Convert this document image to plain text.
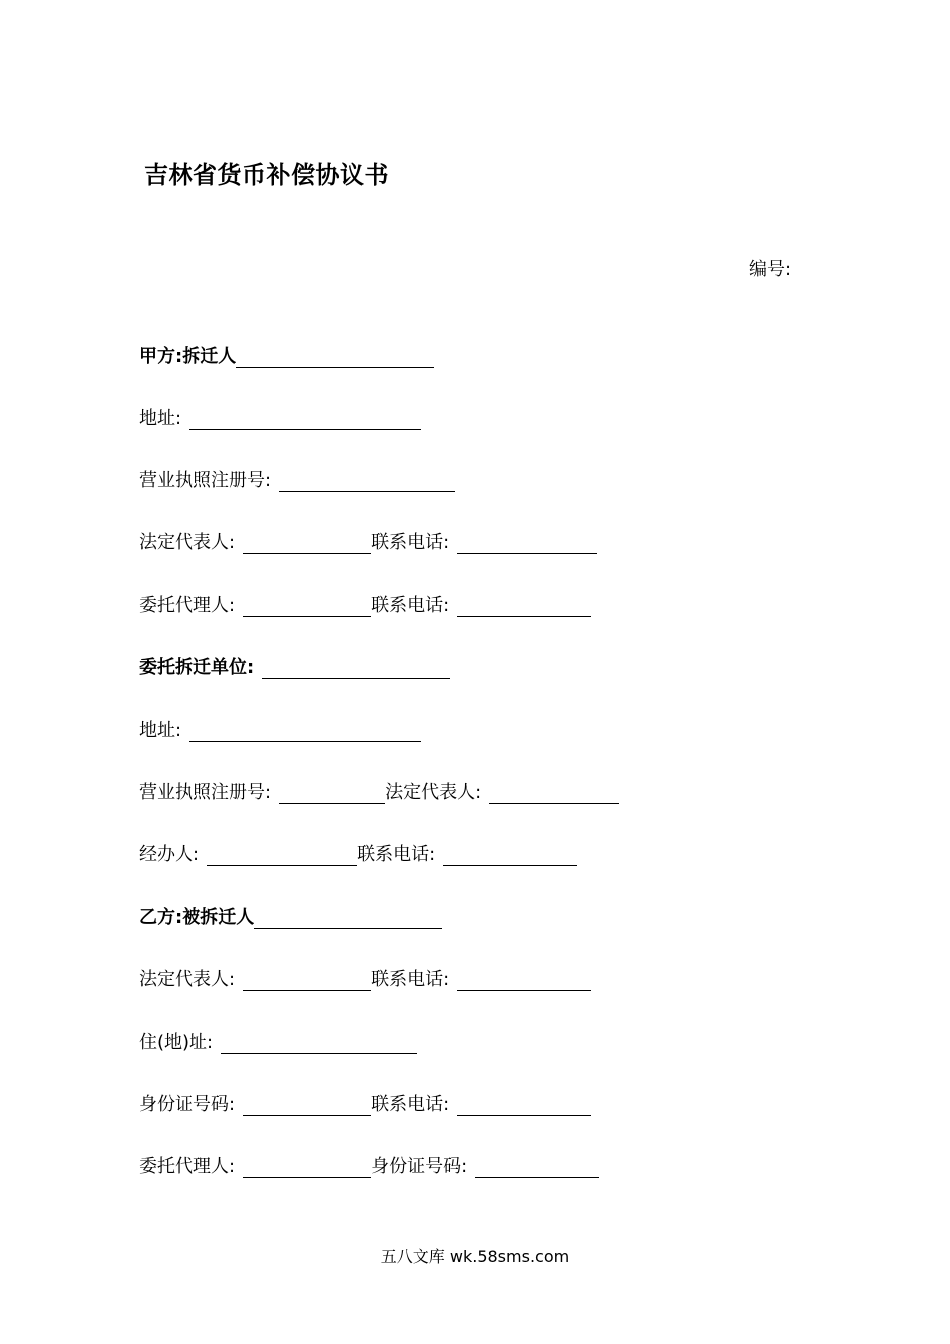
吉林省货币补偿协议书
编号:
甲方:拆迁人
地址:
营业执照注册号:
法定代表人:	联系电话:
委托代理人:	联系电话:
委托拆迁单位:
地址:
营业执照注册号:	法定代表人:
经办人:	联系电话:
乙方:被拆迁人
法定代表人:	联系电话:
住(地)址:
身份证号码:	联系电话:
委托代理人:	身份证号码:
五八文库 wk.58sms.com
